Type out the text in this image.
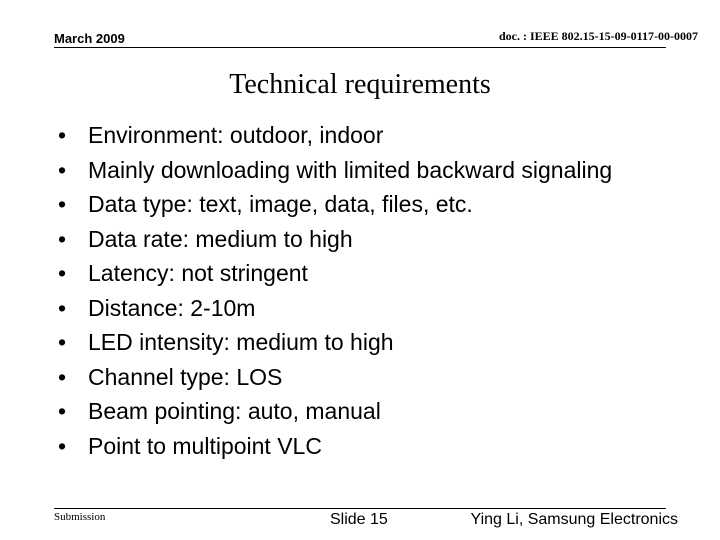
March 2009	doc. : IEEE 802.15-15-09-0117-00-0007
Technical requirements
• Environment: outdoor, indoor
• Mainly downloading with limited backward signaling
• Data type: text, image, data, files, etc.
• Data rate: medium to high
• Latency: not stringent
• Distance: 2-10m
• LED intensity: medium to high
• Channel type: LOS
• Beam pointing: auto, manual
• Point to multipoint VLC
Submission	Slide 15	Ying Li, Samsung Electronics
